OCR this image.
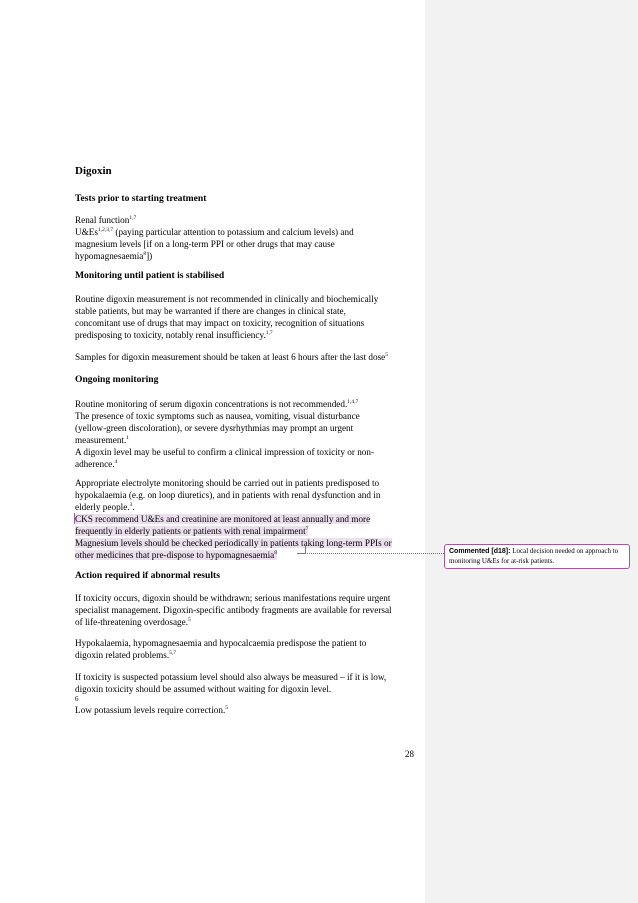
Digoxin
Tests prior to starting treatment
Renal function$^{1,7}$
U&Es$^{1,2,3,7}$ (paying particular attention to potassium and calcium levels) and
magnesium levels [if on a long-term PPI or other drugs that may cause
hypomagnesaemia$^8$])
Monitoring until patient is stabilised
Routine digoxin measurement is not recommended in clinically and biochemically
stable patients, but may be warranted if there are changes in clinical state,
concomitant use of drugs that may impact on toxicity, recognition of situations
predisposing to toxicity, notably renal insufficiency.$^{1,7}$
Samples for digoxin measurement should be taken at least 6 hours after the last dose$^5$
Ongoing monitoring
Routine monitoring of serum digoxin concentrations is not recommended.$^{1,4,7}$
The presence of toxic symptoms such as nausea, vomiting, visual disturbance
(yellow-green discoloration), or severe dysrhythmias may prompt an urgent
measurement.$^1$
A digoxin level may be useful to confirm a clinical impression of toxicity or non-
adherence.$^4$
Appropriate electrolyte monitoring should be carried out in patients predisposed to
hypokalaemia (e.g. on loop diuretics), and in patients with renal dysfunction and in
elderly people.$^3$.
CKS recommend U&Es and creatinine are monitored at least annually and more
frequently in elderly patients or patients with renal impairment$^7$
Magnesium levels should be checked periodically in patients taking long-term PPIs or
other medicines that pre-dispose to hypomagnesaemia$^8$	Commented [d18]: Local decision needed on approach to
monitoring U&Es for at-risk patients.
Action required if abnormal results
If toxicity occurs, digoxin should be withdrawn; serious manifestations require urgent
specialist management. Digoxin-specific antibody fragments are available for reversal
of life-threatening overdosage.$^5$
Hypokalaemia, hypomagnesaemia and hypocalcaemia predispose the patient to
digoxin related problems.$^{5,7}$
If toxicity is suspected potassium level should also always be measured – if it is low,
digoxin toxicity should be assumed without waiting for digoxin level.
6
Low potassium levels require correction.$^5$
28
